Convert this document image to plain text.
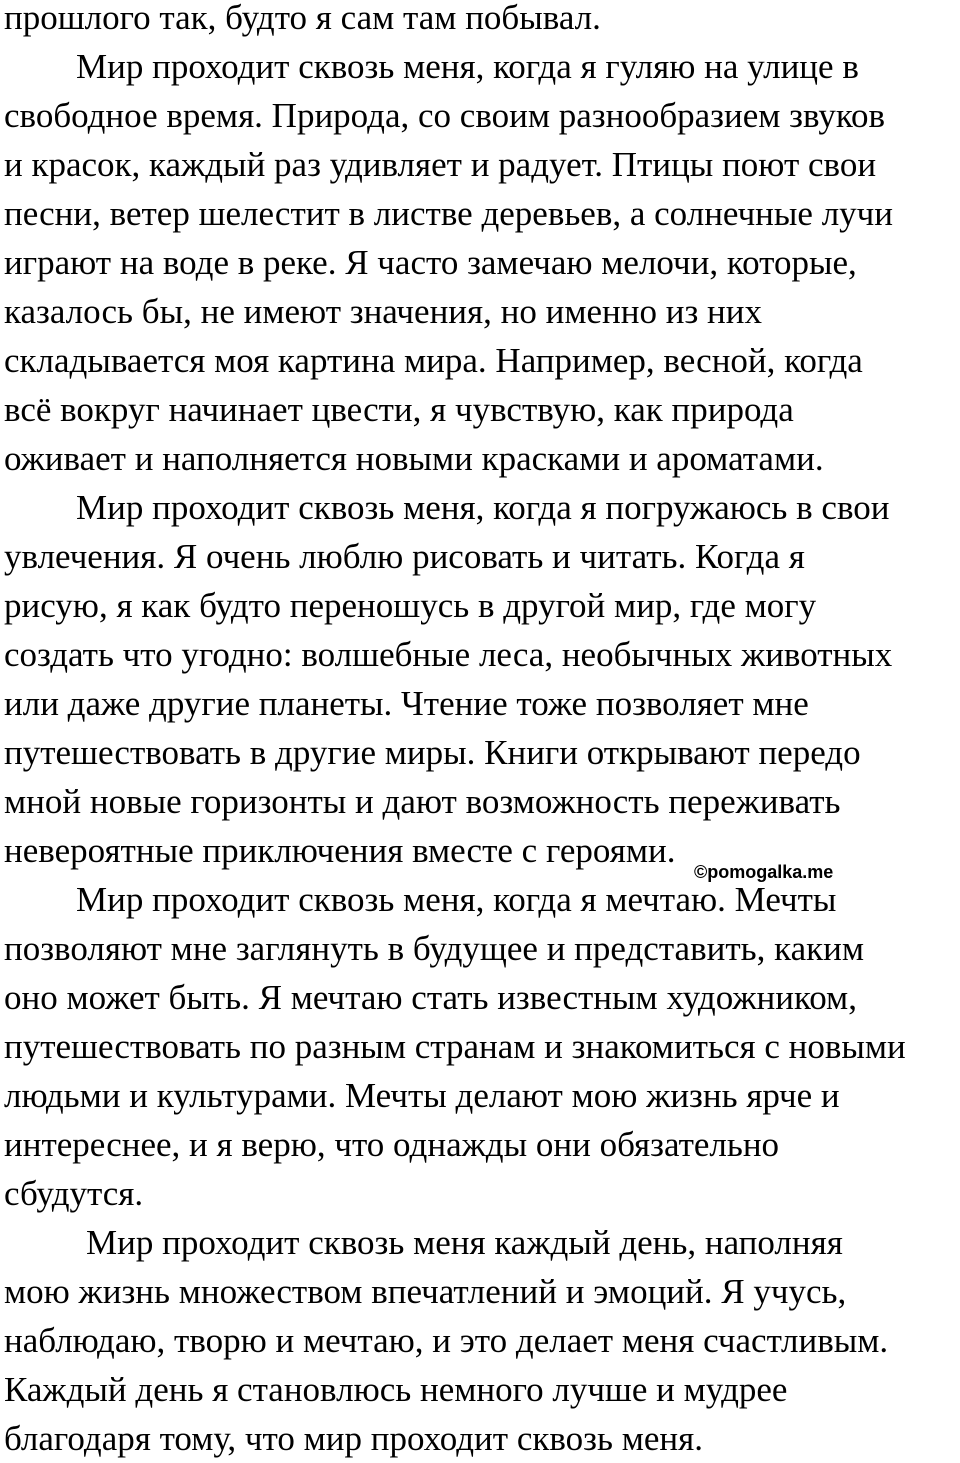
прошлого так, будто я сам там побывал.
Мир проходит сквозь меня, когда я гуляю на улице в
свободное время. Природа, со своим разнообразием звуков
и красок, каждый раз удивляет и радует. Птицы поют свои
песни, ветер шелестит в листве деревьев, а солнечные лучи
играют на воде в реке. Я часто замечаю мелочи, которые,
казалось бы, не имеют значения, но именно из них
складывается моя картина мира. Например, весной, когда
всё вокруг начинает цвести, я чувствую, как природа
оживает и наполняется новыми красками и ароматами.
Мир проходит сквозь меня, когда я погружаюсь в свои
увлечения. Я очень люблю рисовать и читать. Когда я
рисую, я как будто переношусь в другой мир, где могу
создать что угодно: волшебные леса, необычных животных
или даже другие планеты. Чтение тоже позволяет мне
путешествовать в другие миры. Книги открывают передо
мной новые горизонты и дают возможность переживать
невероятные приключения вместе с героями.
Мир проходит сквозь меня, когда я мечтаю. Мечты
позволяют мне заглянуть в будущее и представить, каким
оно может быть. Я мечтаю стать известным художником,
путешествовать по разным странам и знакомиться с новыми
людьми и культурами. Мечты делают мою жизнь ярче и
интереснее, и я верю, что однажды они обязательно
сбудутся.
Мир проходит сквозь меня каждый день, наполняя
мою жизнь множеством впечатлений и эмоций. Я учусь,
наблюдаю, творю и мечтаю, и это делает меня счастливым.
Каждый день я становлюсь немного лучше и мудрее
благодаря тому, что мир проходит сквозь меня.
©pomogalka.me
